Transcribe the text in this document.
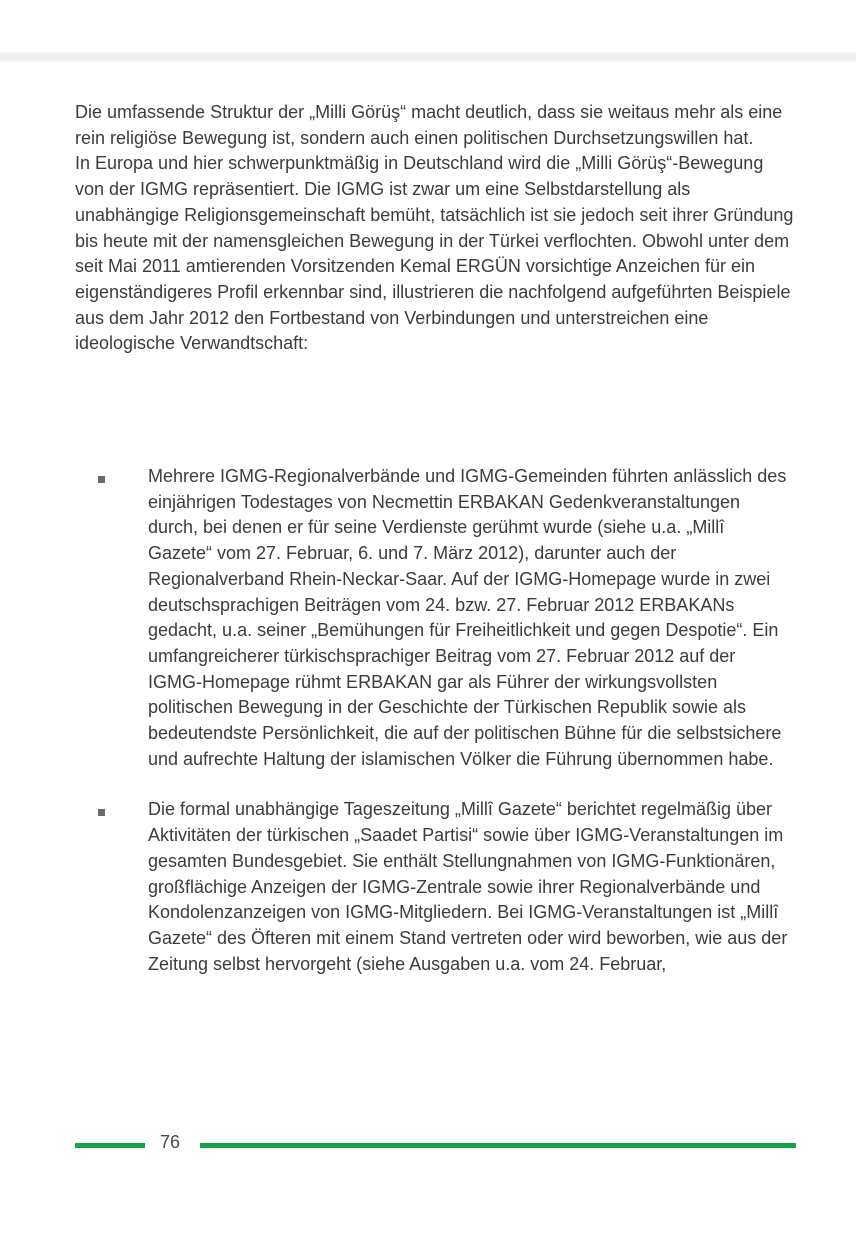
Die umfassende Struktur der „Milli Görüş“ macht deutlich, dass sie weitaus mehr als eine rein religiöse Bewegung ist, sondern auch einen politischen Durchsetzungswillen hat.

In Europa und hier schwerpunktmäßig in Deutschland wird die „Milli Görüş“-Bewegung von der IGMG repräsentiert. Die IGMG ist zwar um eine Selbstdarstellung als unabhängige Religionsgemeinschaft bemüht, tatsächlich ist sie jedoch seit ihrer Gründung bis heute mit der namensgleichen Bewegung in der Türkei verflochten. Obwohl unter dem seit Mai 2011 amtierenden Vorsitzenden Kemal ERGÜN vorsichtige Anzeichen für ein eigenständigeres Profil erkennbar sind, illustrieren die nachfolgend aufgeführten Beispiele aus dem Jahr 2012 den Fortbestand von Verbindungen und unterstreichen eine ideologische Verwandtschaft:

Mehrere IGMG-Regionalverbände und IGMG-Gemeinden führten anlässlich des einjährigen Todestages von Necmettin ERBAKAN Gedenkveranstaltungen durch, bei denen er für seine Verdienste gerühmt wurde (siehe u.a. „Millî Gazete“ vom 27. Februar, 6. und 7. März 2012), darunter auch der Regionalverband Rhein-Neckar-Saar. Auf der IGMG-Homepage wurde in zwei deutschsprachigen Beiträgen vom 24. bzw. 27. Februar 2012 ERBAKANs gedacht, u.a. seiner „Bemühungen für Freiheitlichkeit und gegen Despotie“. Ein umfangreicherer türkischsprachiger Beitrag vom 27. Februar 2012 auf der IGMG-Homepage rühmt ERBAKAN gar als Führer der wirkungsvollsten politischen Bewegung in der Geschichte der Türkischen Republik sowie als bedeutendste Persönlichkeit, die auf der politischen Bühne für die selbstsichere und aufrechte Haltung der islamischen Völker die Führung übernommen habe.
Die formal unabhängige Tageszeitung „Millî Gazete“ berichtet regelmäßig über Aktivitäten der türkischen „Saadet Partisi“ sowie über IGMG-Veranstaltungen im gesamten Bundesgebiet. Sie enthält Stellungnahmen von IGMG-Funktionären, großflächige Anzeigen der IGMG-Zentrale sowie ihrer Regionalverbände und Kondolenzanzeigen von IGMG-Mitgliedern. Bei IGMG-Veranstaltungen ist „Millî Gazete“ des Öfteren mit einem Stand vertreten oder wird beworben, wie aus der Zeitung selbst hervorgeht (siehe Ausgaben u.a. vom 24. Februar,
76
